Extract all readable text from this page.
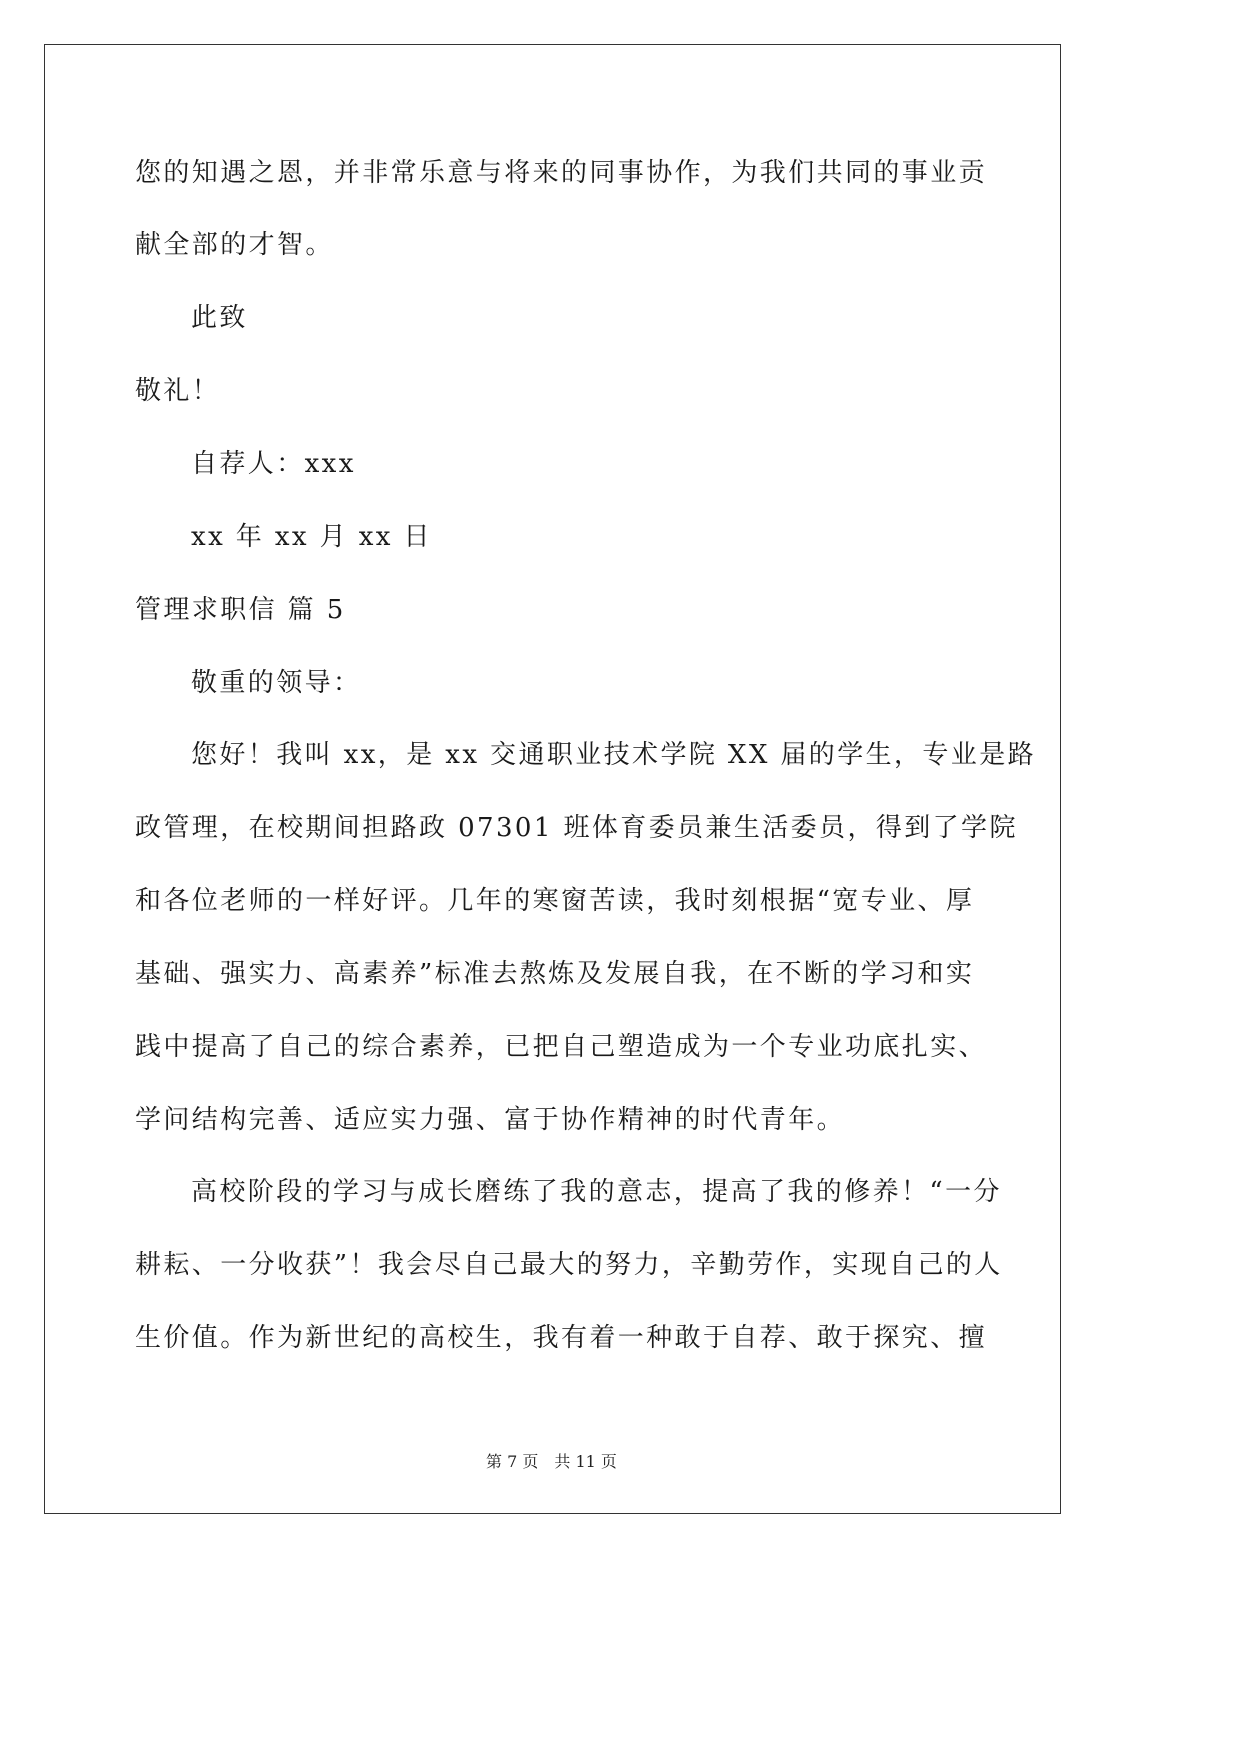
您的知遇之恩，并非常乐意与将来的同事协作，为我们共同的事业贡
献全部的才智。
此致
敬礼！
自荐人：xxx
xx 年 xx 月 xx 日
管理求职信 篇 5
敬重的领导：
您好！我叫 xx，是 xx 交通职业技术学院 XX 届的学生，专业是路
政管理，在校期间担路政 07301 班体育委员兼生活委员，得到了学院
和各位老师的一样好评。几年的寒窗苦读，我时刻根据“宽专业、厚
基础、强实力、高素养”标准去熬炼及发展自我，在不断的学习和实
践中提高了自己的综合素养，已把自己塑造成为一个专业功底扎实、
学问结构完善、适应实力强、富于协作精神的时代青年。
高校阶段的学习与成长磨练了我的意志，提高了我的修养！“一分
耕耘、一分收获”！我会尽自己最大的努力，辛勤劳作，实现自己的人
生价值。作为新世纪的高校生，我有着一种敢于自荐、敢于探究、擅
第 7 页　共 11 页
